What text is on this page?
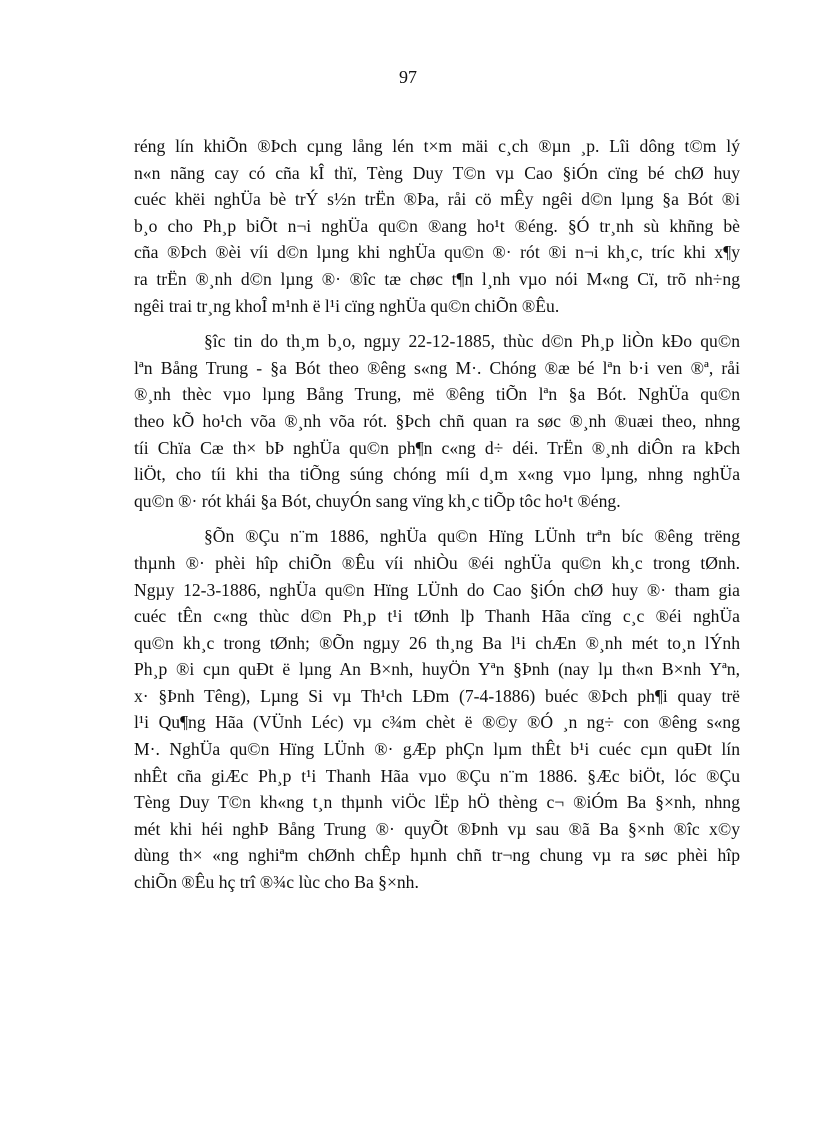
97

réng lín khiÕn ®Þch cµng lång lén t×m mäi c¸ch ®µn ¸p. Lîi dông t©m lý
n«n nãng cay có cña kÎ thï, Tèng Duy T©n vµ Cao §iÓn cïng bé chØ huy
cuéc khëi nghÜa bè trÝ s½n trËn ®Þa, råi cö mÊy ngêi d©n lµng §a Bót ®i
b¸o cho Ph¸p biÕt n¬i nghÜa qu©n ®ang ho¹t ®éng. §Ó tr¸nh sù khñng bè
cña ®Þch ®èi víi d©n lµng khi nghÜa qu©n ®· rót ®i n¬i kh¸c, tríc khi x¶y
ra trËn ®¸nh d©n lµng ®· ®îc tæ chøc t¶n l¸nh vµo nói M«ng Cï, trõ nh÷ng
ngêi trai tr¸ng khoÎ m¹nh ë l¹i cïng nghÜa qu©n chiÕn ®Êu.

§îc tin do th¸m b¸o, ngµy 22-12-1885, thùc d©n Ph¸p liÒn kÐo qu©n
lªn Bång Trung - §a Bót theo ®êng s«ng M·. Chóng ®æ bé lªn b·i ven ®ª, råi
®¸nh thèc vµo lµng Bång Trung, më ®êng tiÕn lªn §a Bót. NghÜa qu©n
theo kÕ ho¹ch võa ®¸nh võa rót. §Þch chñ quan ra søc ®¸nh ®uæi theo, nhng
tíi Chïa Cæ th× bÞ nghÜa qu©n ph¶n c«ng d÷ déi. TrËn ®¸nh diÔn ra kÞch
liÖt, cho tíi khi tha tiÕng súng chóng míi d¸m x«ng vµo lµng, nhng nghÜa
qu©n ®· rót khái §a Bót, chuyÓn sang vïng kh¸c tiÕp tôc ho¹t ®éng.

§Õn ®Çu n¨m 1886, nghÜa qu©n Hïng LÜnh trªn bíc ®êng trëng
thµnh ®· phèi hîp chiÕn ®Êu víi nhiÒu ®éi nghÜa qu©n kh¸c trong tØnh.
Ngµy 12-3-1886, nghÜa qu©n Hïng LÜnh do Cao §iÓn chØ huy ®· tham gia
cuéc tÊn c«ng thùc d©n Ph¸p t¹i tØnh lþ Thanh Hãa cïng c¸c ®éi nghÜa
qu©n kh¸c trong tØnh; ®Õn ngµy 26 th¸ng Ba l¹i chÆn ®¸nh mét to¸n lÝnh
Ph¸p ®i cµn quÐt ë lµng An B×nh, huyÖn Yªn §Þnh (nay lµ th«n B×nh Yªn,
x· §Þnh Têng), Lµng Si vµ Th¹ch LÐm (7-4-1886) buéc ®Þch ph¶i quay trë
l¹i Qu¶ng Hãa (VÜnh Léc) vµ c¾m chèt ë ®©y ®Ó ¸n ng÷ con ®êng s«ng
M·. NghÜa qu©n Hïng LÜnh ®· gÆp phÇn lµm thÊt b¹i cuéc cµn quÐt lín
nhÊt cña giÆc Ph¸p t¹i Thanh Hãa vµo ®Çu n¨m 1886. §Æc biÖt, lóc ®Çu
Tèng Duy T©n kh«ng t¸n thµnh viÖc lËp hÖ thèng c¬ ®iÓm Ba §×nh, nhng
mét khi héi nghÞ Bång Trung ®· quyÕt ®Þnh vµ sau ®ã Ba §×nh ®îc x©y
dùng th× «ng nghiªm chØnh chÊp hµnh chñ tr¬ng chung vµ ra søc phèi hîp
chiÕn ®Êu hç trî ®¾c lùc cho Ba §×nh.
